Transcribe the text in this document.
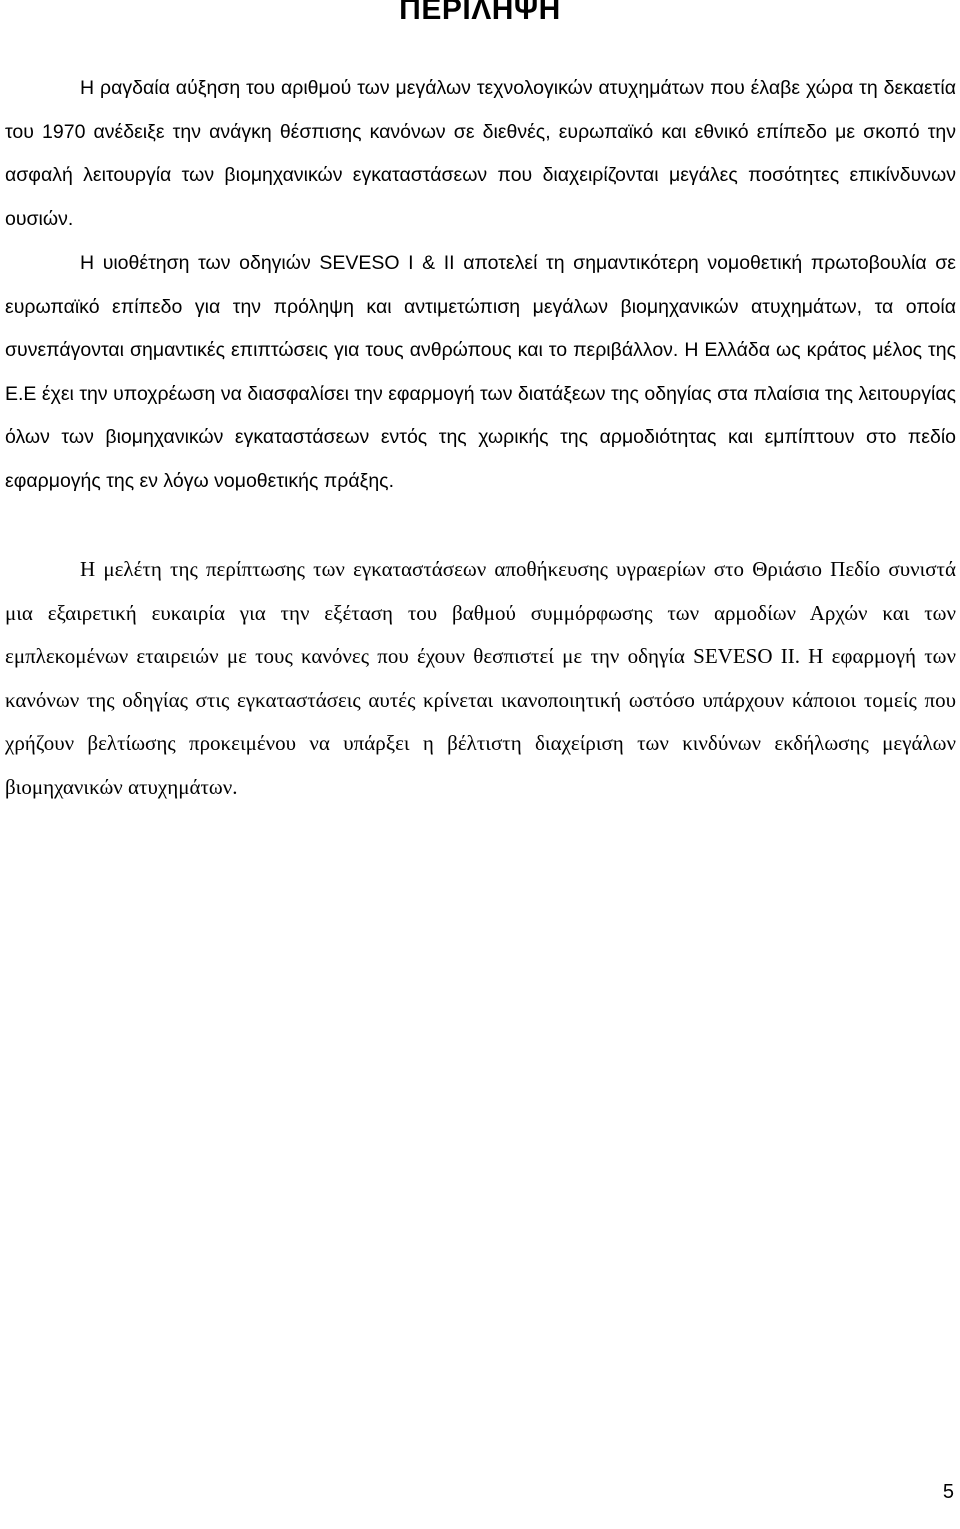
ΠΕΡΙΛΗΨΗ

Η ραγδαία αύξηση του αριθμού των μεγάλων τεχνολογικών ατυχημάτων που έλαβε χώρα τη δεκαετία του 1970 ανέδειξε την ανάγκη θέσπισης κανόνων σε διεθνές, ευρωπαϊκό και εθνικό επίπεδο με σκοπό την ασφαλή λειτουργία των βιομηχανικών εγκαταστάσεων που διαχειρίζονται μεγάλες ποσότητες επικίνδυνων ουσιών.

Η υιοθέτηση των οδηγιών SEVESO I & II αποτελεί τη σημαντικότερη νομοθετική πρωτοβουλία σε ευρωπαϊκό επίπεδο για την πρόληψη και αντιμετώπιση μεγάλων βιομηχανικών ατυχημάτων, τα οποία συνεπάγονται σημαντικές επιπτώσεις για τους ανθρώπους και το περιβάλλον. Η Ελλάδα ως κράτος μέλος της Ε.Ε έχει την υποχρέωση να διασφαλίσει την εφαρμογή των διατάξεων της οδηγίας στα πλαίσια της λειτουργίας όλων των βιομηχανικών εγκαταστάσεων εντός της χωρικής της αρμοδιότητας και εμπίπτουν στο πεδίο εφαρμογής της εν λόγω νομοθετικής πράξης.

Η μελέτη της περίπτωσης των εγκαταστάσεων αποθήκευσης υγραερίων στο Θριάσιο Πεδίο συνιστά μια εξαιρετική ευκαιρία για την εξέταση του βαθμού συμμόρφωσης των αρμοδίων Αρχών και των εμπλεκομένων εταιρειών με τους κανόνες που έχουν θεσπιστεί με την οδηγία SEVESO II. Η εφαρμογή των κανόνων της οδηγίας στις εγκαταστάσεις αυτές κρίνεται ικανοποιητική ωστόσο υπάρχουν κάποιοι τομείς που χρήζουν βελτίωσης προκειμένου να υπάρξει η βέλτιστη διαχείριση των κινδύνων εκδήλωσης μεγάλων βιομηχανικών ατυχημάτων.

5
